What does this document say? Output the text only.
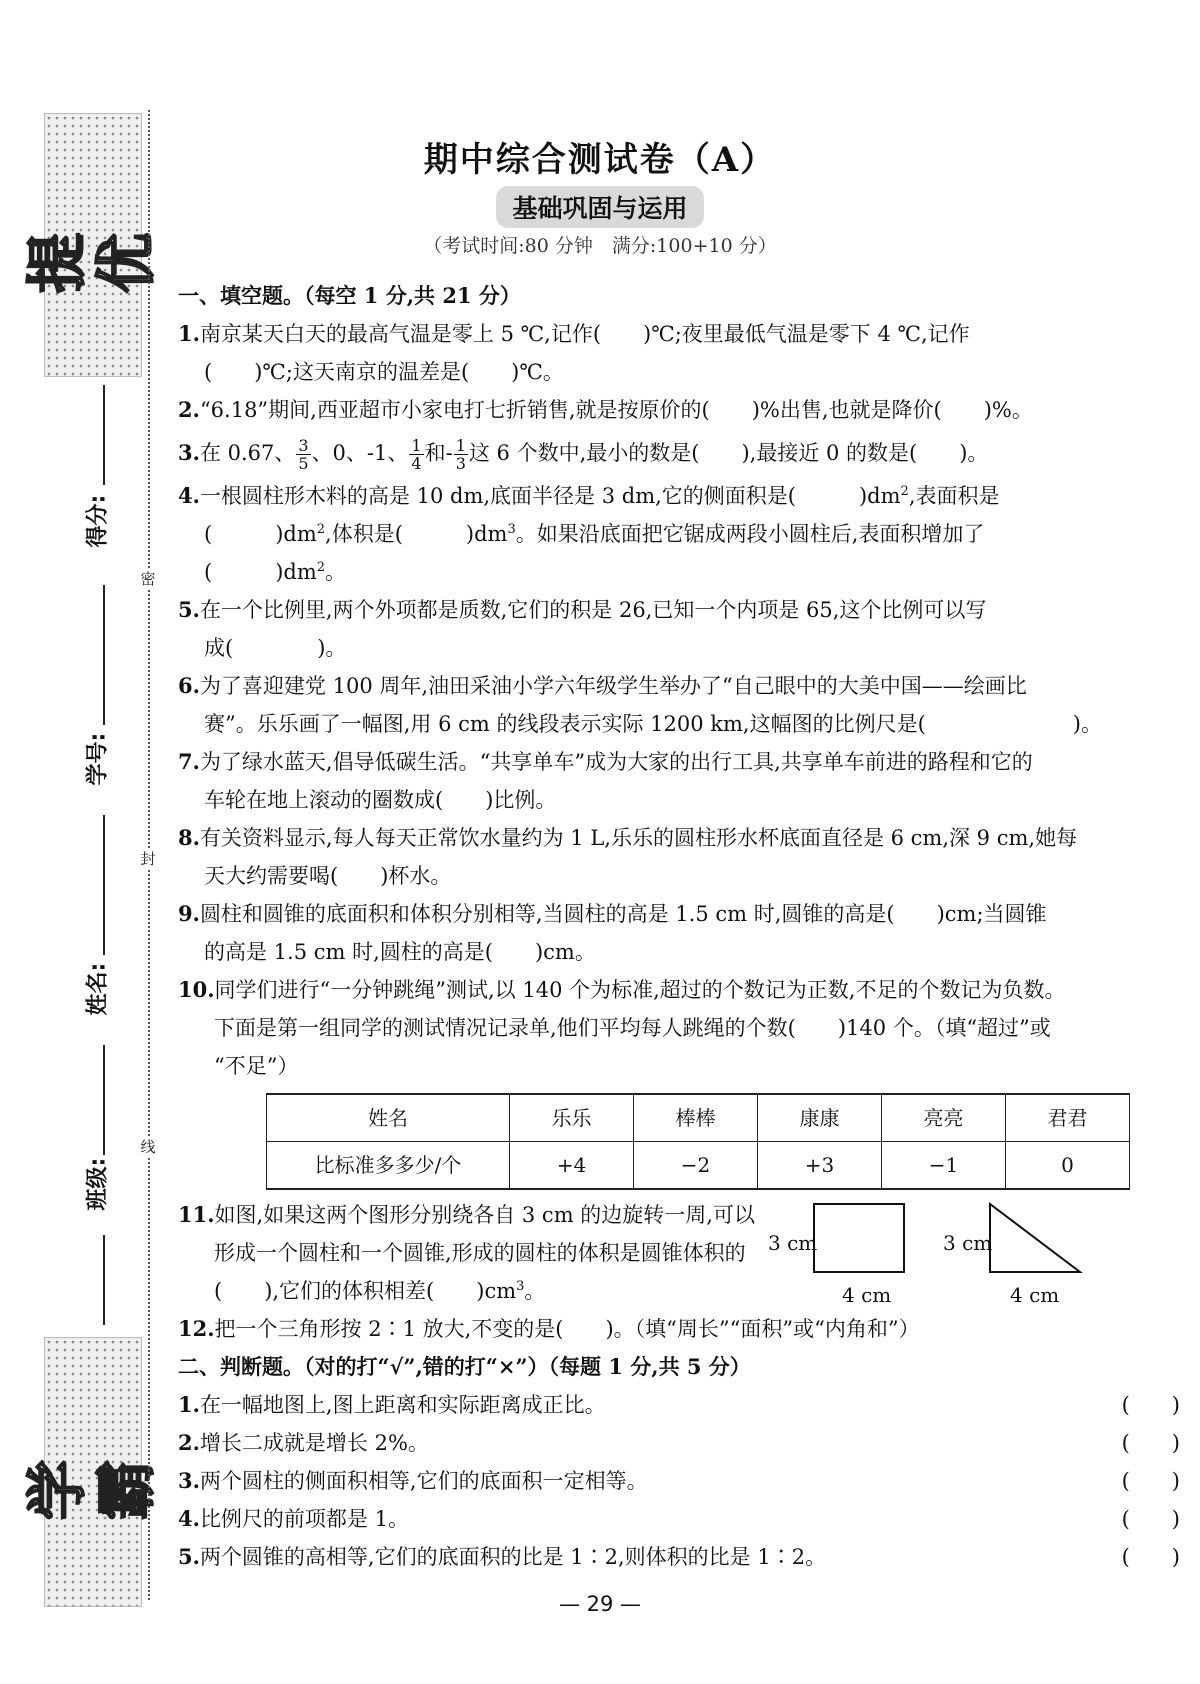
提优
得分:
学号:
姓名:
班级:
学霸
密
封
线
期中综合测试卷（A）
基础巩固与运用
（考试时间:80 分钟　满分:100+10 分）
一、填空题。（每空 1 分,共 21 分）
1.南京某天白天的最高气温是零上 5 ℃,记作(　　)℃;夜里最低气温是零下 4 ℃,记作
(　　)℃;这天南京的温差是(　　)℃。
2.“6.18”期间,西亚超市小家电打七折销售,就是按原价的(　　)%出售,也就是降价(　　)%。
3.在 0.67、 $\frac{3}{5}$ 、0、-1、 $\frac{1}{4}$ 和- $\frac{1}{3}$ 这 6 个数中,最小的数是(　　),最接近 0 的数是(　　)。
4.一根圆柱形木料的高是 10 dm,底面半径是 3 dm,它的侧面积是(　　　)$dm^2$,表面积是
(　　　)$dm^2$,体积是(　　　)$dm^3$。如果沿底面把它锯成两段小圆柱后,表面积增加了
(　　　)$dm^2$。
5.在一个比例里,两个外项都是质数,它们的积是 26,已知一个内项是 65,这个比例可以写
成(　　　　)。
6.为了喜迎建党 100 周年,油田采油小学六年级学生举办了“自己眼中的大美中国——绘画比
赛”。乐乐画了一幅图,用 6 cm 的线段表示实际 1200 km,这幅图的比例尺是(　　　　　　　)。
7.为了绿水蓝天,倡导低碳生活。“共享单车”成为大家的出行工具,共享单车前进的路程和它的
车轮在地上滚动的圈数成(　　)比例。
8.有关资料显示,每人每天正常饮水量约为 1 L,乐乐的圆柱形水杯底面直径是 6 cm,深 9 cm,她每
天大约需要喝(　　)杯水。
9.圆柱和圆锥的底面积和体积分别相等,当圆柱的高是 1.5 cm 时,圆锥的高是(　　)cm;当圆锥
的高是 1.5 cm 时,圆柱的高是(　　)cm。
10.同学们进行“一分钟跳绳”测试,以 140 个为标准,超过的个数记为正数,不足的个数记为负数。
下面是第一组同学的测试情况记录单,他们平均每人跳绳的个数(　　)140 个。（填“超过”或
“不足”）
姓名	乐乐	棒棒	康康	亮亮	君君
比标准多多少/个	+4	−2	+3	−1	0
11.如图,如果这两个图形分别绕各自 3 cm 的边旋转一周,可以
形成一个圆柱和一个圆锥,形成的圆柱的体积是圆锥体积的
(　　),它们的体积相差(　　)$cm^3$。
3 cm
4 cm
3 cm
4 cm
12.把一个三角形按 2∶1 放大,不变的是(　　)。（填“周长”“面积”或“内角和”）
二、判断题。（对的打“√”,错的打“×”）（每题 1 分,共 5 分）
1.在一幅地图上,图上距离和实际距离成正比。	(　　)
2.增长二成就是增长 2%。	(　　)
3.两个圆柱的侧面积相等,它们的底面积一定相等。	(　　)
4.比例尺的前项都是 1。	(　　)
5.两个圆锥的高相等,它们的底面积的比是 1∶2,则体积的比是 1∶2。	(　　)
— 29 —
